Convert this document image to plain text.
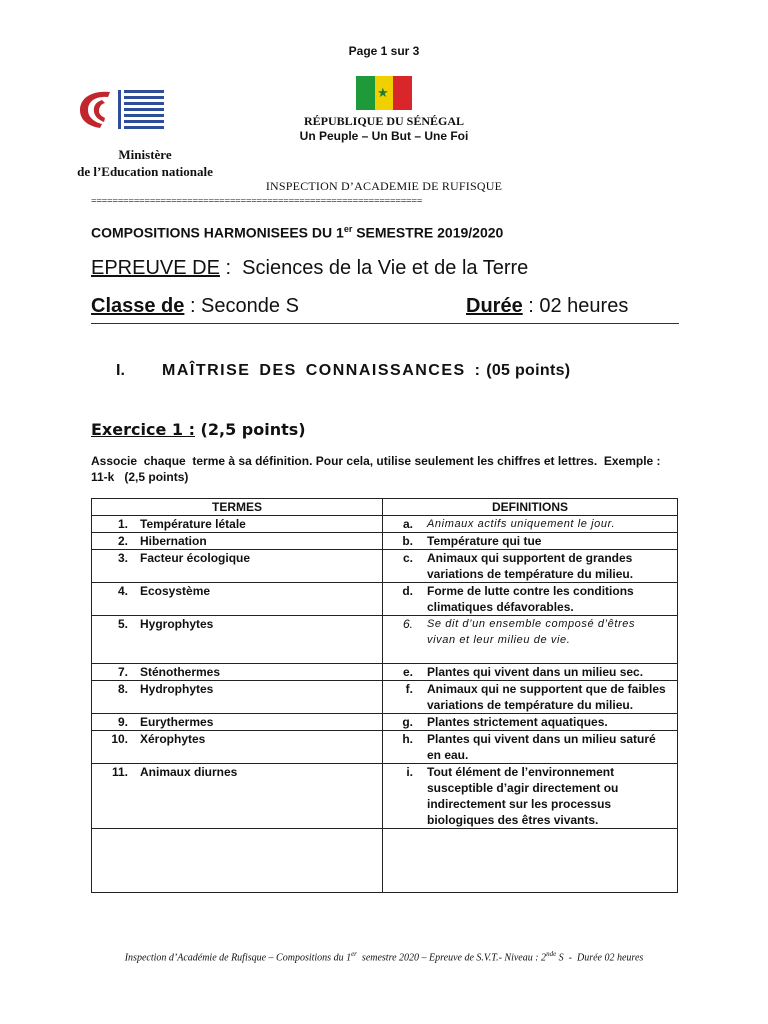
Page 1 sur 3
★
RÉPUBLIQUE DU SÉNÉGAL
Un Peuple – Un But – Une Foi
Ministère
de l’Education nationale
INSPECTION D’ACADEMIE DE RUFISQUE
==============================================================
COMPOSITIONS HARMONISEES DU 1er SEMESTRE 2019/2020
EPREUVE DE :  Sciences de la Vie et de la Terre
Classe de : Seconde S	Durée : 02 heures
I. MAÎTRISE DES CONNAISSANCES : (05 points)
Exercice 1 : (2,5 points)
Associe  chaque  terme à sa définition. Pour cela, utilise seulement les chiffres et lettres.  Exemple :
11-k   (2,5 points)
TERMES	DEFINITIONS
1. Température létale	a. Animaux actifs uniquement le jour.
2. Hibernation	b. Température qui tue
3. Facteur écologique	c. Animaux qui supportent de grandes variations de température du milieu.
4. Ecosystème	d. Forme de lutte contre les conditions climatiques défavorables.
5. Hygrophytes	6. Se dit d’un ensemble composé d’êtres vivan et leur milieu de vie.
7. Sténothermes	e. Plantes qui vivent dans un milieu sec.
8. Hydrophytes	f. Animaux qui ne supportent que de faibles variations de température du milieu.
9. Eurythermes	g. Plantes strictement aquatiques.
10. Xérophytes	h. Plantes qui vivent dans un milieu saturé en eau.
11. Animaux diurnes	i. Tout élément de l’environnement susceptible d’agir directement ou indirectement sur les processus biologiques des êtres vivants.

Inspection d’Académie de Rufisque – Compositions du 1er  semestre 2020 – Epreuve de S.V.T.- Niveau : 2nde S  -  Durée 02 heures
